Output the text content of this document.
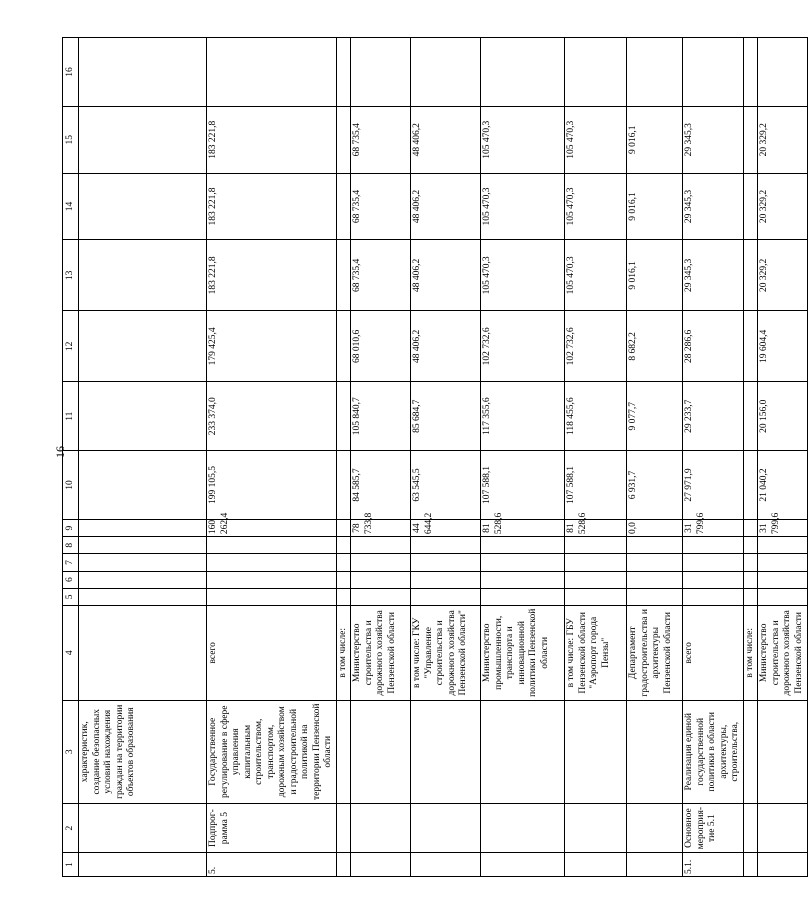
16
1	2	3	4	5	6	7	8	9	10	11	12	13	14	15	16
		характеристик, создание безопасных условий нахождения граждан на территории объектов образования													
5.	Подпрог-рамма 5	Государственное регулирование в сфере управления капитальным строительством, транспортом, дорожным хозяйством и градостроительной политикой на территории Пензенской области	всего					160 262,4	199 105,5	233 374,0	179 425,4	183 221,8	183 221,8	183 221,8	
			в том числе:												
			Министерство строительства и дорожного хозяйства Пензенской области					78 733,8	84 585,7	105 840,7	68 010,6	68 735,4	68 735,4	68 735,4	
			в том числе: ГКУ "Управление строительства и дорожного хозяйства Пензенской области"					44 644,2	63 545,5	85 684,7	48 406,2	48 406,2	48 406,2	48 406,2	
			Министерство промышленности, транспорта и инновационной политики Пензенской области					81 528,6	107 588,1	117 355,6	102 732,6	105 470,3	105 470,3	105 470,3	
			в том числе: ГБУ Пензенской области "Аэропорт города Пензы"					81 528,6	107 588,1	118 455,6	102 732,6	105 470,3	105 470,3	105 470,3	
			Департамент градостроительства и архитектуры Пензенской области					0,0	6 931,7	9 077,7	8 682,2	9 016,1	9 016,1	9 016,1	
5.1.	Основное мероприя-тие 5.1	Реализация единой государственной политики в области архитектуры, строительства,	всего					31 799,6	27 971,9	29 233,7	28 286,6	29 345,3	29 345,3	29 345,3	
			в том числе:												
			Министерство строительства и дорожного хозяйства Пензенской области					31 799,6	21 040,2	20 156,0	19 604,4	20 329,2	20 329,2	20 329,2	
